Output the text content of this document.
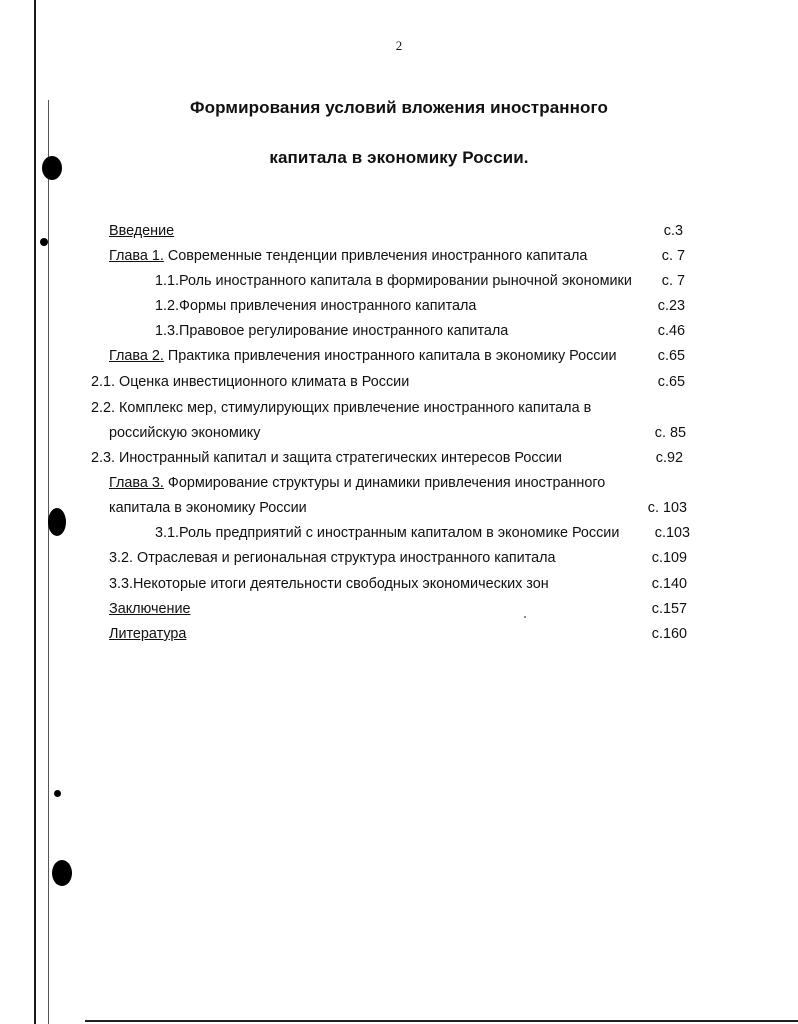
2
Формирования условий вложения иностранного
капитала в экономику России.
Введение	с.3
Глава 1. Современные тенденции привлечения иностранного капитала	с. 7
1.1.Роль иностранного капитала в формировании рыночной экономики с. 7
1.2.Формы привлечения иностранного капитала	с.23
1.3.Правовое регулирование иностранного капитала	с.46
Глава 2. Практика привлечения иностранного капитала в экономику России	с.65
2.1. Оценка инвестиционного климата в России	с.65
2.2. Комплекс мер, стимулирующих привлечение иностранного капитала в
российскую экономику	с. 85
2.3. Иностранный капитал и защита стратегических интересов России	с.92
Глава 3. Формирование структуры и динамики привлечения иностранного
капитала в экономику России	с. 103
3.1.Роль предприятий с иностранным капиталом в экономике России с.103
3.2. Отраслевая и региональная структура иностранного капитала	с.109
3.3.Некоторые итоги деятельности свободных экономических зон	с.140
Заключение	с.157
Литература	с.160
